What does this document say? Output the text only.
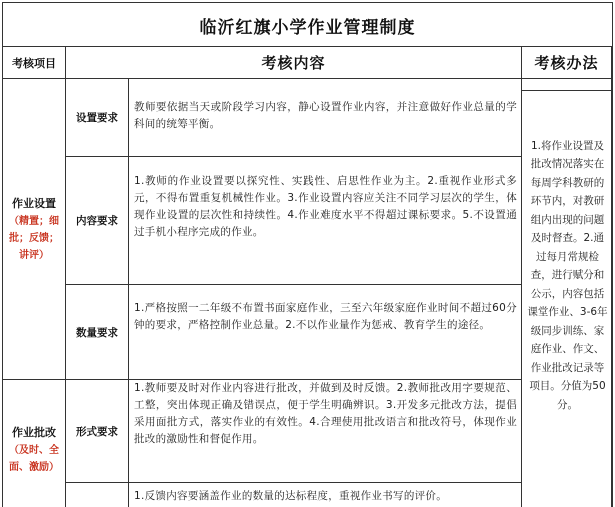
临沂红旗小学作业管理制度
考核项目	考核内容	考核办法
作业设置
（精置；细批；反馈；讲评）
作业批改
（及时、全面、激励）
设置要求
教师要依据当天或阶段学习内容，静心设置作业内容，并注意做好作业总量的学科间的统筹平衡。
内容要求
1.教师的作业设置要以探究性、实践性、启思性作业为主。2.重视作业形式多元，不得布置重复机械性作业。3.作业设置内容应关注不同学习层次的学生，体现作业设置的层次性和持续性。4.作业难度水平不得超过课标要求。5.不设置通过手机小程序完成的作业。
数量要求
1.严格按照一二年级不布置书面家庭作业，三至六年级家庭作业时间不超过60分钟的要求，严格控制作业总量。2.不以作业量作为惩戒、教育学生的途径。
形式要求
1.教师要及时对作业内容进行批改，并做到及时反馈。2.教师批改用字要规范、工整，突出体现正确及错误点，便于学生明确辨识。3.开发多元批改方法，提倡采用面批方式，落实作业的有效性。4.合理使用批改语言和批改符号，体现作业批改的激励性和督促作用。
1.反馈内容要涵盖作业的数量的达标程度，重视作业书写的评价。
1.将作业设置及批改情况落实在每周学科教研的环节内，对教研组内出现的问题及时督查。2.通过每月常规检查，进行赋分和公示，内容包括课堂作业、3-6年级同步训练、家庭作业、作文、作业批改记录等项目。分值为50分。
